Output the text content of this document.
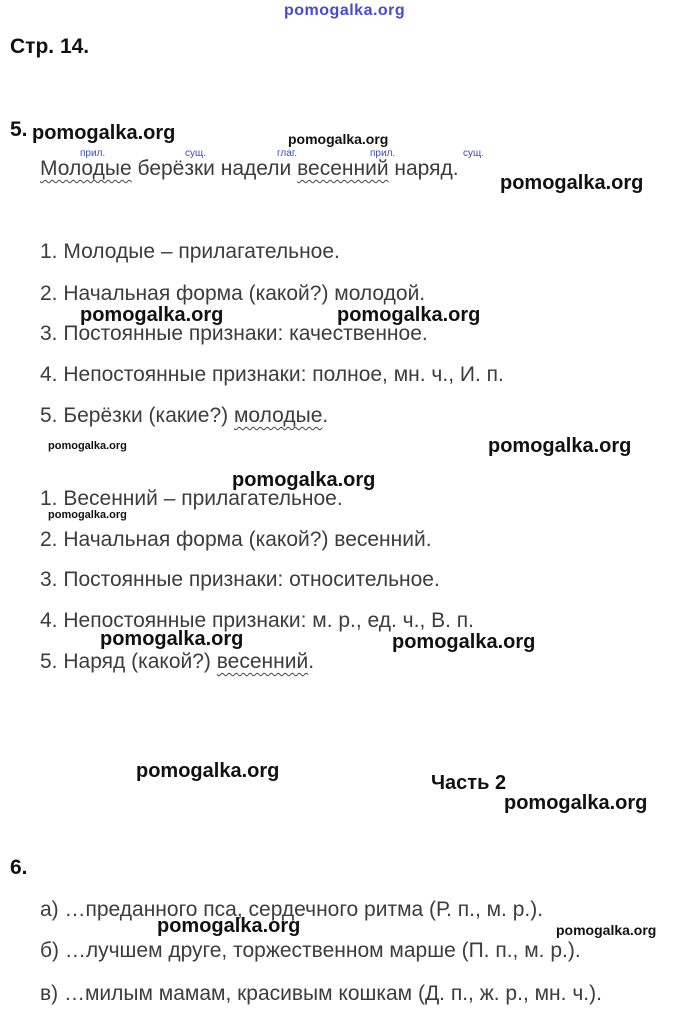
pomogalka.org
Стр. 14.
5.
прил.	сущ.	глаг.	прил.	сущ.
Молодые берёзки надели весенний наряд.
1. Молодые – прилагательное.
2. Начальная форма (какой?) молодой.
3. Постоянные признаки: качественное.
4. Непостоянные признаки: полное, мн. ч., И. п.
5. Берёзки (какие?) молодые.
1. Весенний – прилагательное.
2. Начальная форма (какой?) весенний.
3. Постоянные признаки: относительное.
4. Непостоянные признаки: м. р., ед. ч., В. п.
5. Наряд (какой?) весенний.
Часть 2
6.
а) …преданного пса, сердечного ритма (Р. п., м. р.).
б) …лучшем друге, торжественном марше (П. п., м. р.).
в) …милым мамам, красивым кошкам (Д. п., ж. р., мн. ч.).
pomogalka.org	pomogalka.org
pomogalka.org
pomogalka.org	pomogalka.org
pomogalka.org	pomogalka.org
pomogalka.org
pomogalka.org
pomogalka.org	pomogalka.org
pomogalka.org
pomogalka.org
pomogalka.org	pomogalka.org
